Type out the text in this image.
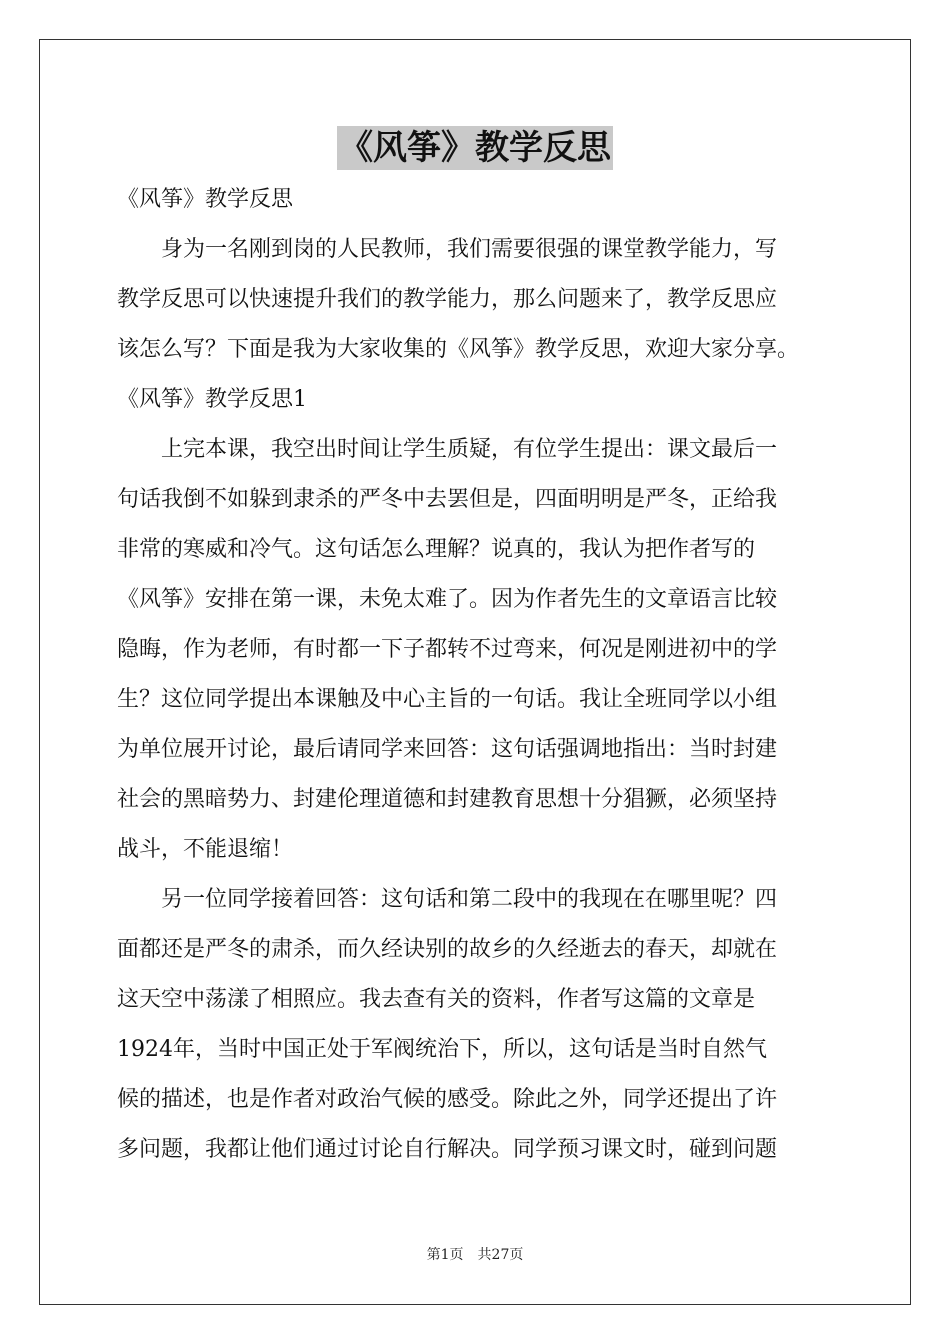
《风筝》教学反思

《风筝》教学反思

身为一名刚到岗的人民教师，我们需要很强的课堂教学能力，写

教学反思可以快速提升我们的教学能力，那么问题来了，教学反思应

该怎么写？下面是我为大家收集的《风筝》教学反思，欢迎大家分享。

《风筝》教学反思1

上完本课，我空出时间让学生质疑，有位学生提出：课文最后一

句话我倒不如躲到隶杀的严冬中去罢但是，四面明明是严冬，正给我

非常的寒威和冷气。这句话怎么理解？说真的，我认为把作者写的

《风筝》安排在第一课，未免太难了。因为作者先生的文章语言比较

隐晦，作为老师，有时都一下子都转不过弯来，何况是刚进初中的学

生？这位同学提出本课触及中心主旨的一句话。我让全班同学以小组

为单位展开讨论，最后请同学来回答：这句话强调地指出：当时封建

社会的黑暗势力、封建伦理道德和封建教育思想十分猖獗，必须坚持

战斗，不能退缩！

另一位同学接着回答：这句话和第二段中的我现在在哪里呢？四

面都还是严冬的肃杀，而久经诀别的故乡的久经逝去的春天，却就在

这天空中荡漾了相照应。我去查有关的资料，作者写这篇的文章是

1924年，当时中国正处于军阀统治下，所以，这句话是当时自然气

候的描述，也是作者对政治气候的感受。除此之外，同学还提出了许

多问题，我都让他们通过讨论自行解决。同学预习课文时，碰到问题

第1页 共27页
